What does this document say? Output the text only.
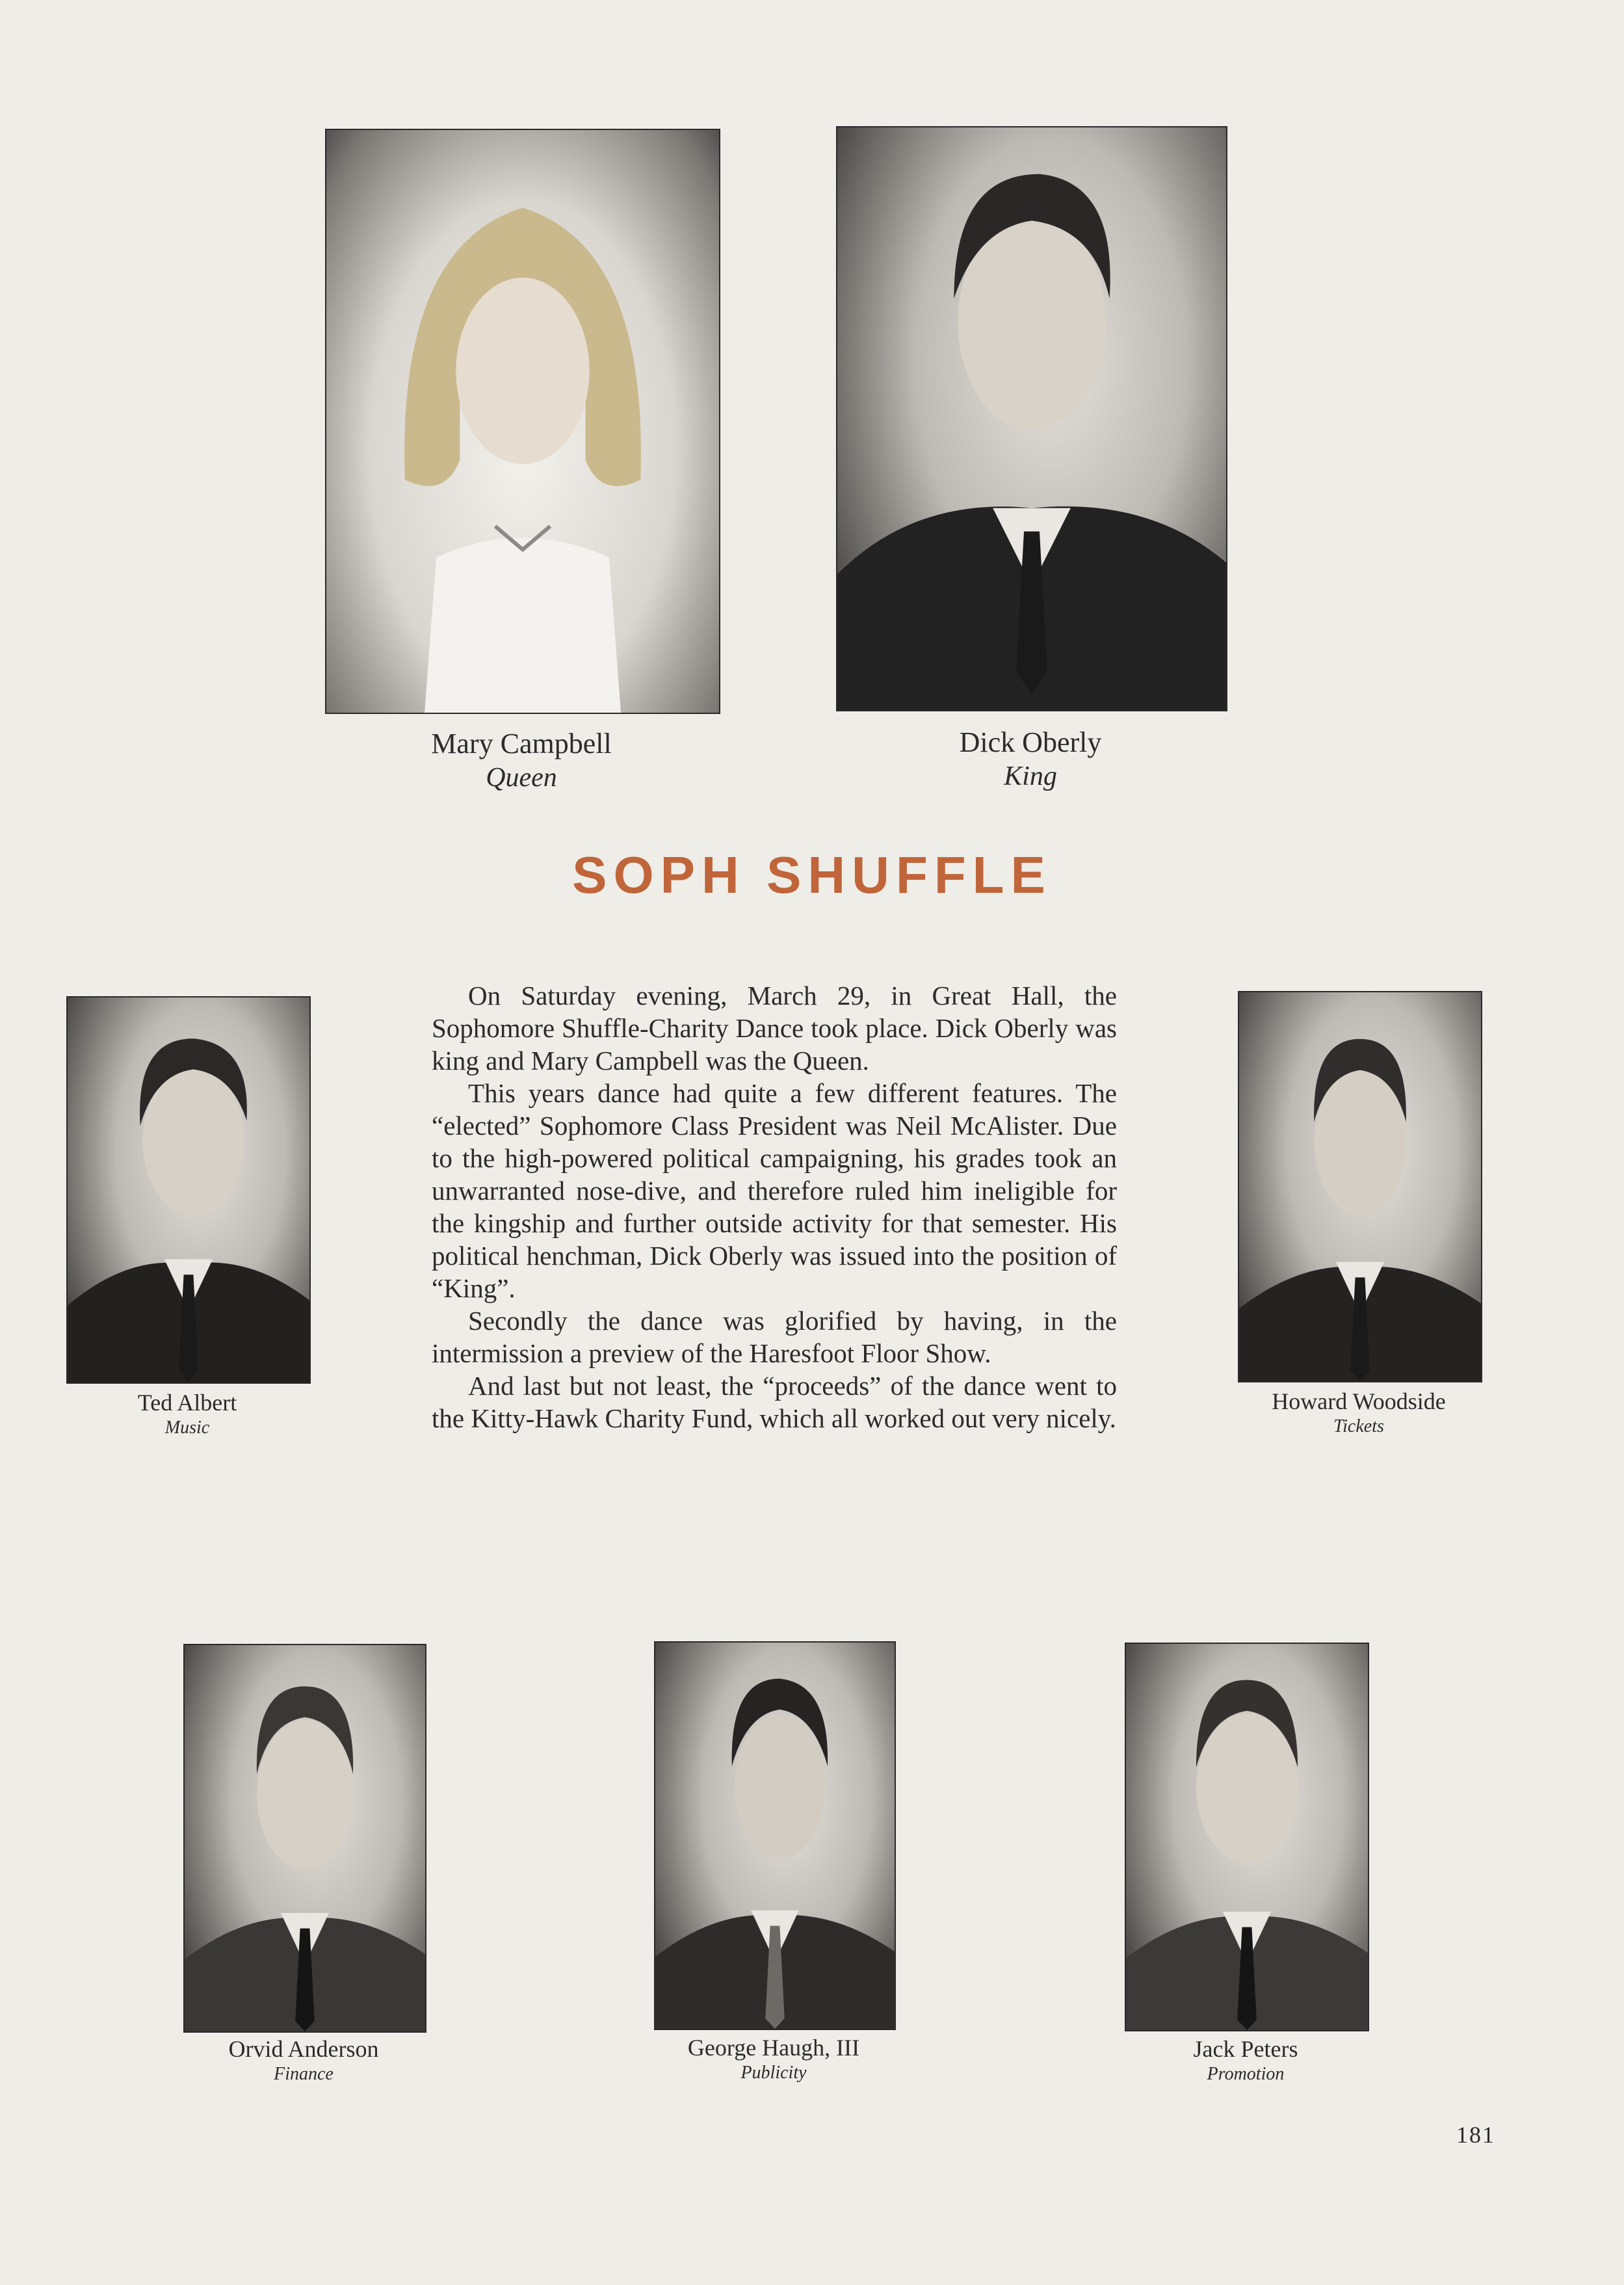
Mary Campbell
Queen
Dick Oberly
King
SOPH SHUFFLE
Ted Albert
Music
Howard Woodside
Tickets

On Saturday evening, March 29, in Great Hall, the Sophomore Shuffle-Charity Dance took place. Dick Oberly was king and Mary Campbell was the Queen.

This years dance had quite a few different features. The “elected” Sophomore Class President was Neil McAlister. Due to the high-powered political campaigning, his grades took an unwarranted nose-dive, and therefore ruled him ineligible for the kingship and further outside activity for that semester. His political henchman, Dick Oberly was issued into the position of “King”.

Secondly the dance was glorified by having, in the intermission a preview of the Haresfoot Floor Show.

And last but not least, the “proceeds” of the dance went to the Kitty-Hawk Charity Fund, which all worked out very nicely.

Orvid Anderson
Finance
George Haugh, III
Publicity
Jack Peters
Promotion
181
